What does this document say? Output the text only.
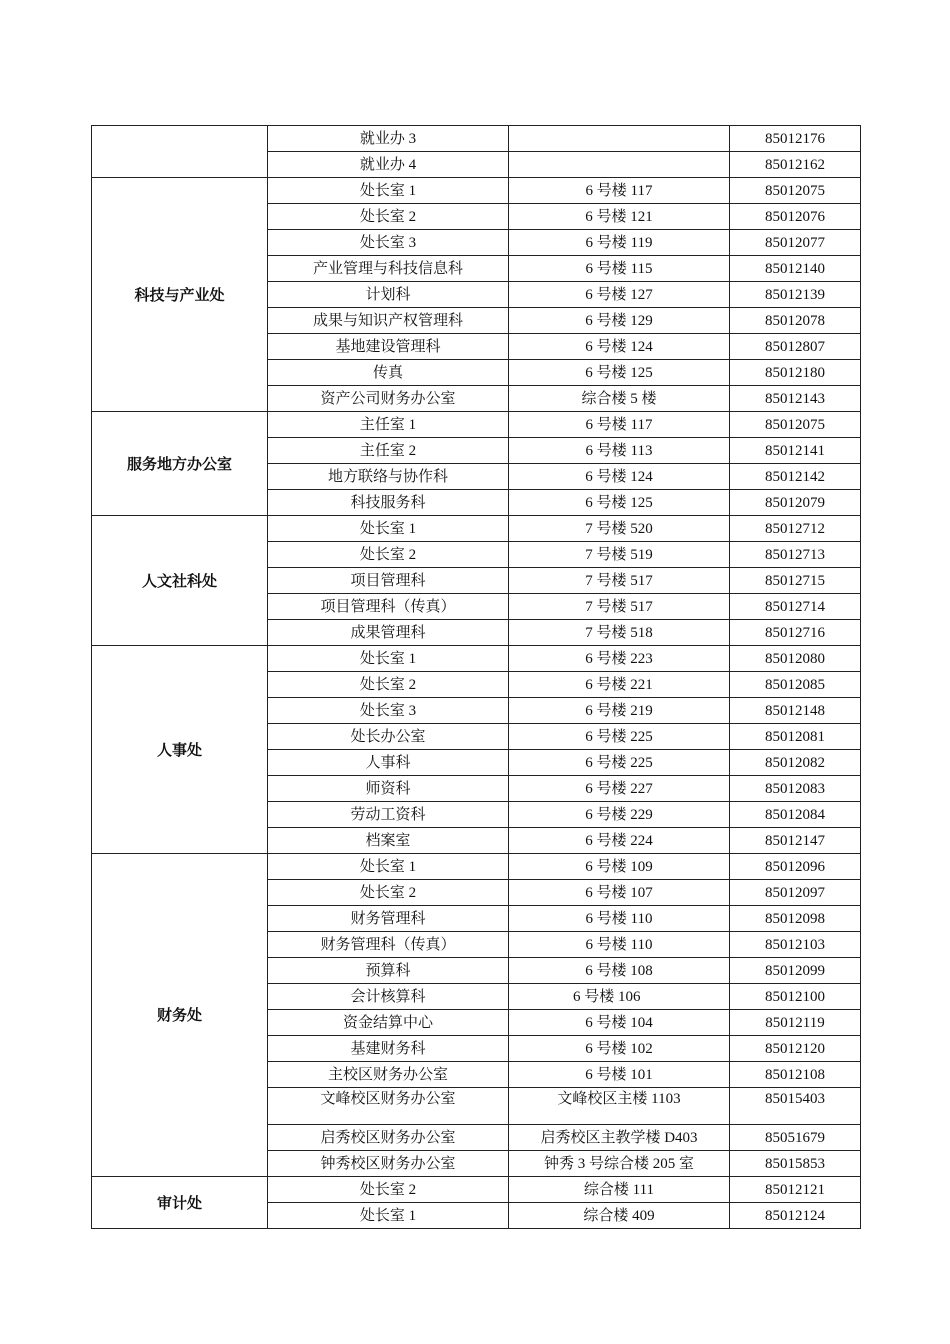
	就业办 3		85012176
	就业办 4		85012162
科技与产业处	处长室 1	6 号楼 117	85012075
	处长室 2	6 号楼 121	85012076
	处长室 3	6 号楼 119	85012077
	产业管理与科技信息科	6 号楼 115	85012140
	计划科	6 号楼 127	85012139
	成果与知识产权管理科	6 号楼 129	85012078
	基地建设管理科	6 号楼 124	85012807
	传真	6 号楼 125	85012180
	资产公司财务办公室	综合楼 5 楼	85012143
服务地方办公室	主任室 1	6 号楼 117	85012075
	主任室 2	6 号楼 113	85012141
	地方联络与协作科	6 号楼 124	85012142
	科技服务科	6 号楼 125	85012079
人文社科处	处长室 1	7 号楼 520	85012712
	处长室 2	7 号楼 519	85012713
	项目管理科	7 号楼 517	85012715
	项目管理科（传真）	7 号楼 517	85012714
	成果管理科	7 号楼 518	85012716
人事处	处长室 1	6 号楼 223	85012080
	处长室 2	6 号楼 221	85012085
	处长室 3	6 号楼 219	85012148
	处长办公室	6 号楼 225	85012081
	人事科	6 号楼 225	85012082
	师资科	6 号楼 227	85012083
	劳动工资科	6 号楼 229	85012084
	档案室	6 号楼 224	85012147
财务处	处长室 1	6 号楼 109	85012096
	处长室 2	6 号楼 107	85012097
	财务管理科	6 号楼 110	85012098
	财务管理科（传真）	6 号楼 110	85012103
	预算科	6 号楼 108	85012099
	会计核算科	6 号楼 106	85012100
	资金结算中心	6 号楼 104	85012119
	基建财务科	6 号楼 102	85012120
	主校区财务办公室	6 号楼 101	85012108
	文峰校区财务办公室	文峰校区主楼 1103	85015403
	启秀校区财务办公室	启秀校区主教学楼 D403	85051679
	钟秀校区财务办公室	钟秀 3 号综合楼 205 室	85015853
审计处	处长室 2	综合楼 111	85012121
	处长室 1	综合楼 409	85012124
